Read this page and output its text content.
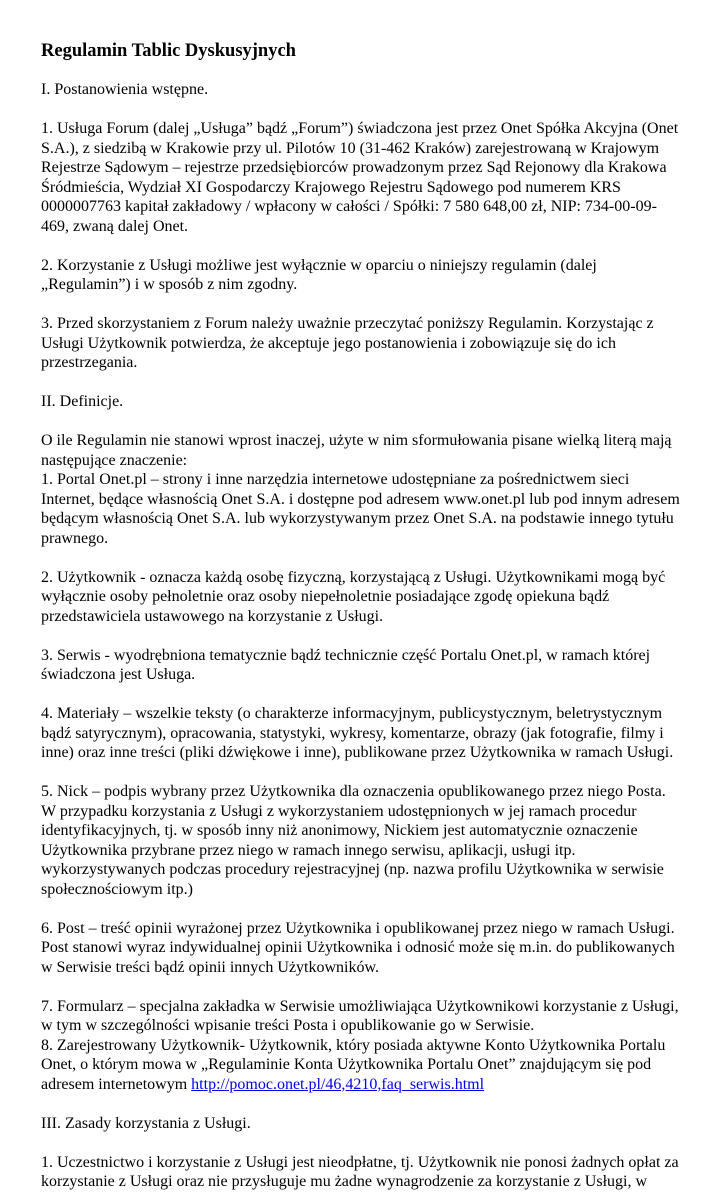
Regulamin Tablic Dyskusyjnych

I. Postanowienia wstępne.

1. Usługa Forum (dalej „Usługa” bądź „Forum”) świadczona jest przez Onet Spółka Akcyjna (Onet S.A.), z siedzibą w Krakowie przy ul. Pilotów 10 (31-462 Kraków) zarejestrowaną w Krajowym Rejestrze Sądowym – rejestrze przedsiębiorców prowadzonym przez Sąd Rejonowy dla Krakowa Śródmieścia, Wydział XI Gospodarczy Krajowego Rejestru Sądowego pod numerem KRS 0000007763 kapitał zakładowy / wpłacony w całości / Spółki: 7 580 648,00 zł, NIP: 734-00-09-469, zwaną dalej Onet.

2. Korzystanie z Usługi możliwe jest wyłącznie w oparciu o niniejszy regulamin (dalej „Regulamin”) i w sposób z nim zgodny.

3. Przed skorzystaniem z Forum należy uważnie przeczytać poniższy Regulamin. Korzystając z Usługi Użytkownik potwierdza, że akceptuje jego postanowienia i zobowiązuje się do ich przestrzegania.

II. Definicje.

O ile Regulamin nie stanowi wprost inaczej, użyte w nim sformułowania pisane wielką literą mają następujące znaczenie:

1. Portal Onet.pl – strony i inne narzędzia internetowe udostępniane za pośrednictwem sieci Internet, będące własnością Onet S.A. i dostępne pod adresem www.onet.pl lub pod innym adresem będącym własnością Onet S.A. lub wykorzystywanym przez Onet S.A. na podstawie innego tytułu prawnego.

2. Użytkownik - oznacza każdą osobę fizyczną, korzystającą z Usługi. Użytkownikami mogą być wyłącznie osoby pełnoletnie oraz osoby niepełnoletnie posiadające zgodę opiekuna bądź przedstawiciela ustawowego na korzystanie z Usługi.

3. Serwis - wyodrębniona tematycznie bądź technicznie część Portalu Onet.pl, w ramach której świadczona jest Usługa.

4. Materiały – wszelkie teksty (o charakterze informacyjnym, publicystycznym, beletrystycznym bądź satyrycznym), opracowania, statystyki, wykresy, komentarze, obrazy (jak fotografie, filmy i inne) oraz inne treści (pliki dźwiękowe i inne), publikowane przez Użytkownika w ramach Usługi.

5. Nick – podpis wybrany przez Użytkownika dla oznaczenia opublikowanego przez niego Posta. W przypadku korzystania z Usługi z wykorzystaniem udostępnionych w jej ramach procedur identyfikacyjnych, tj. w sposób inny niż anonimowy, Nickiem jest automatycznie oznaczenie Użytkownika przybrane przez niego w ramach innego serwisu, aplikacji, usługi itp. wykorzystywanych podczas procedury rejestracyjnej (np. nazwa profilu Użytkownika w serwisie społecznościowym itp.)

6. Post – treść opinii wyrażonej przez Użytkownika i opublikowanej przez niego w ramach Usługi. Post stanowi wyraz indywidualnej opinii Użytkownika i odnosić może się m.in. do publikowanych w Serwisie treści bądź opinii innych Użytkowników.

7. Formularz – specjalna zakładka w Serwisie umożliwiająca Użytkownikowi korzystanie z Usługi, w tym w szczególności wpisanie treści Posta i opublikowanie go w Serwisie.

8. Zarejestrowany Użytkownik- Użytkownik, który posiada aktywne Konto Użytkownika Portalu Onet, o którym mowa w „Regulaminie Konta Użytkownika Portalu Onet” znajdującym się pod adresem internetowym http://pomoc.onet.pl/46,4210,faq_serwis.html

III. Zasady korzystania z Usługi.

1. Uczestnictwo i korzystanie z Usługi jest nieodpłatne, tj. Użytkownik nie ponosi żadnych opłat za korzystanie z Usługi oraz nie przysługuje mu żadne wynagrodzenie za korzystanie z Usługi, w
